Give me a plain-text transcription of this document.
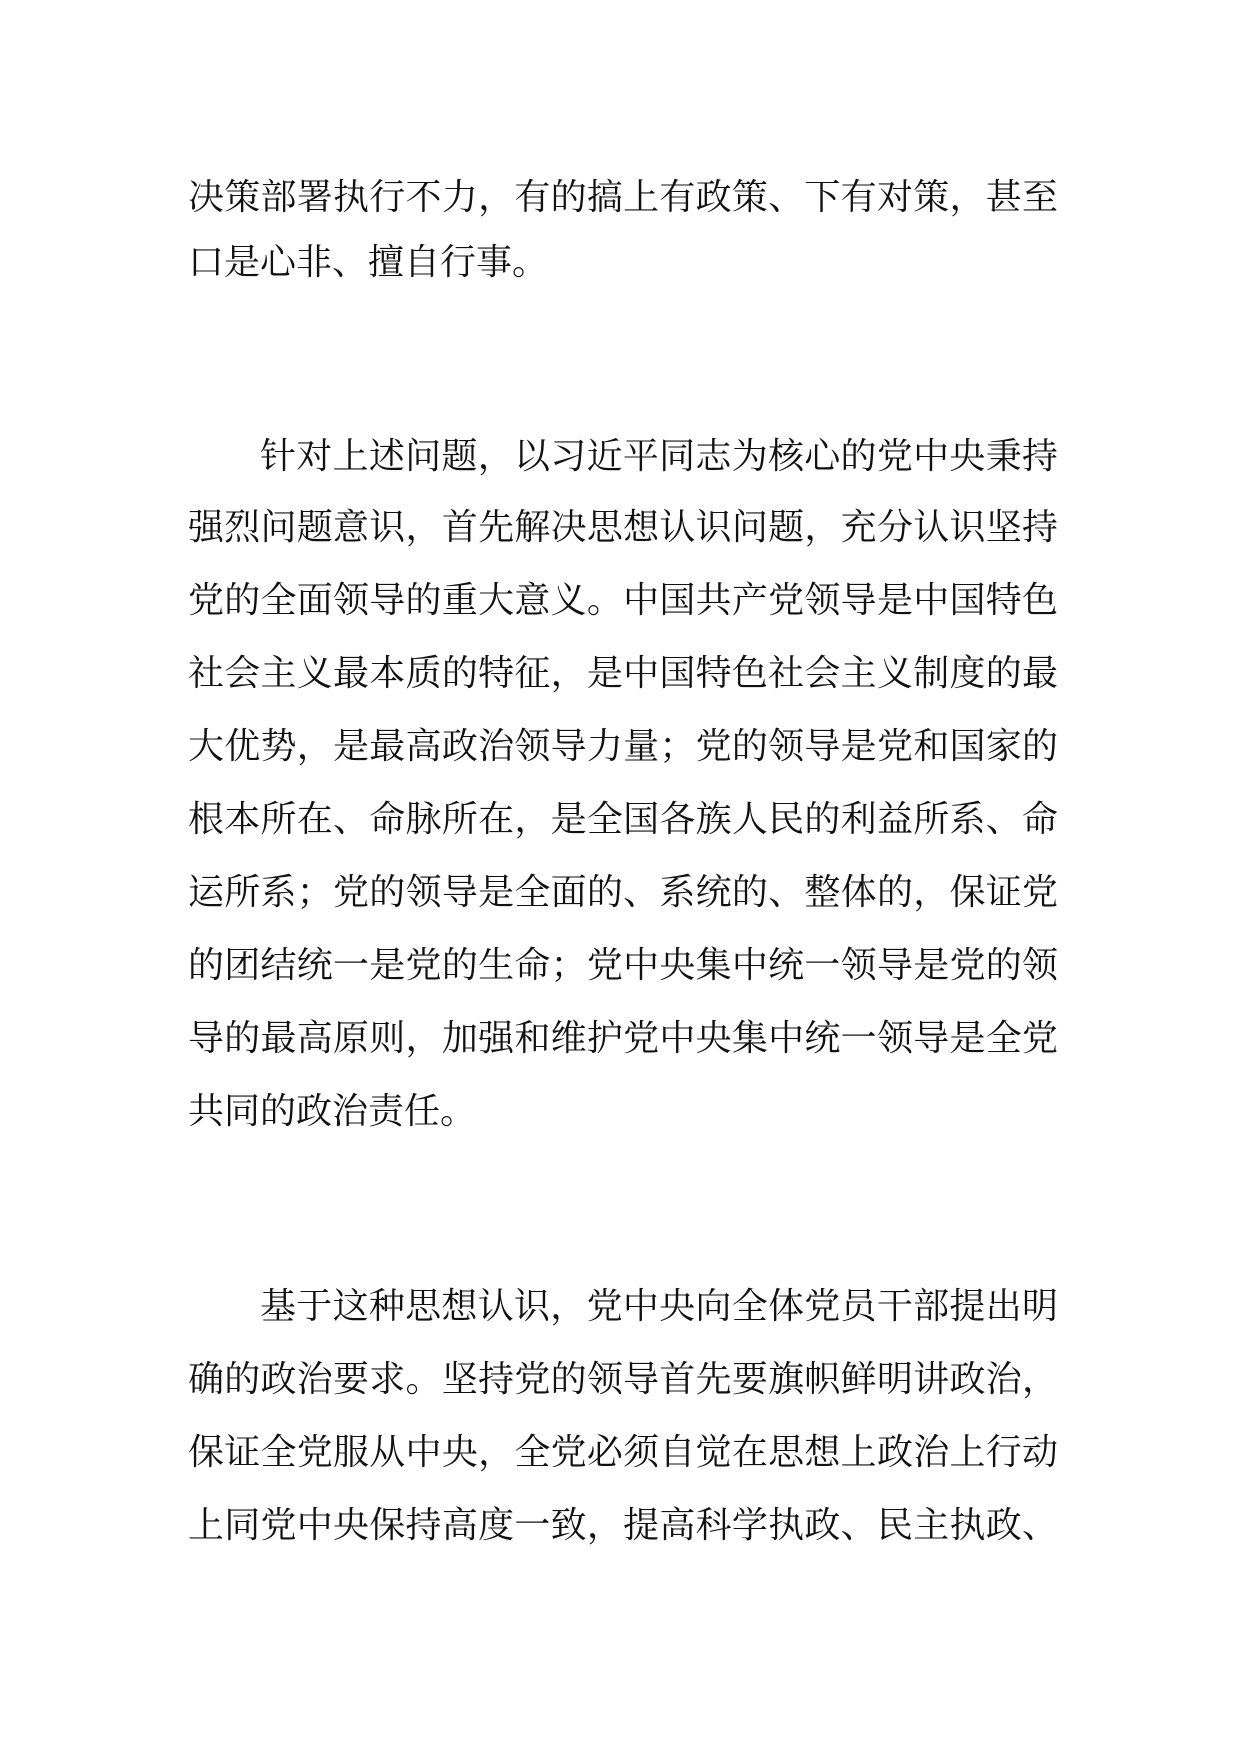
决策部署执行不力，有的搞上有政策、下有对策，甚至
口是心非、擅自行事。
针对上述问题，以习近平同志为核心的党中央秉持
强烈问题意识，首先解决思想认识问题，充分认识坚持
党的全面领导的重大意义。中国共产党领导是中国特色
社会主义最本质的特征，是中国特色社会主义制度的最
大优势，是最高政治领导力量；党的领导是党和国家的
根本所在、命脉所在，是全国各族人民的利益所系、命
运所系；党的领导是全面的、系统的、整体的，保证党
的团结统一是党的生命；党中央集中统一领导是党的领
导的最高原则，加强和维护党中央集中统一领导是全党
共同的政治责任。
基于这种思想认识，党中央向全体党员干部提出明
确的政治要求。坚持党的领导首先要旗帜鲜明讲政治，
保证全党服从中央，全党必须自觉在思想上政治上行动
上同党中央保持高度一致，提高科学执政、民主执政、
